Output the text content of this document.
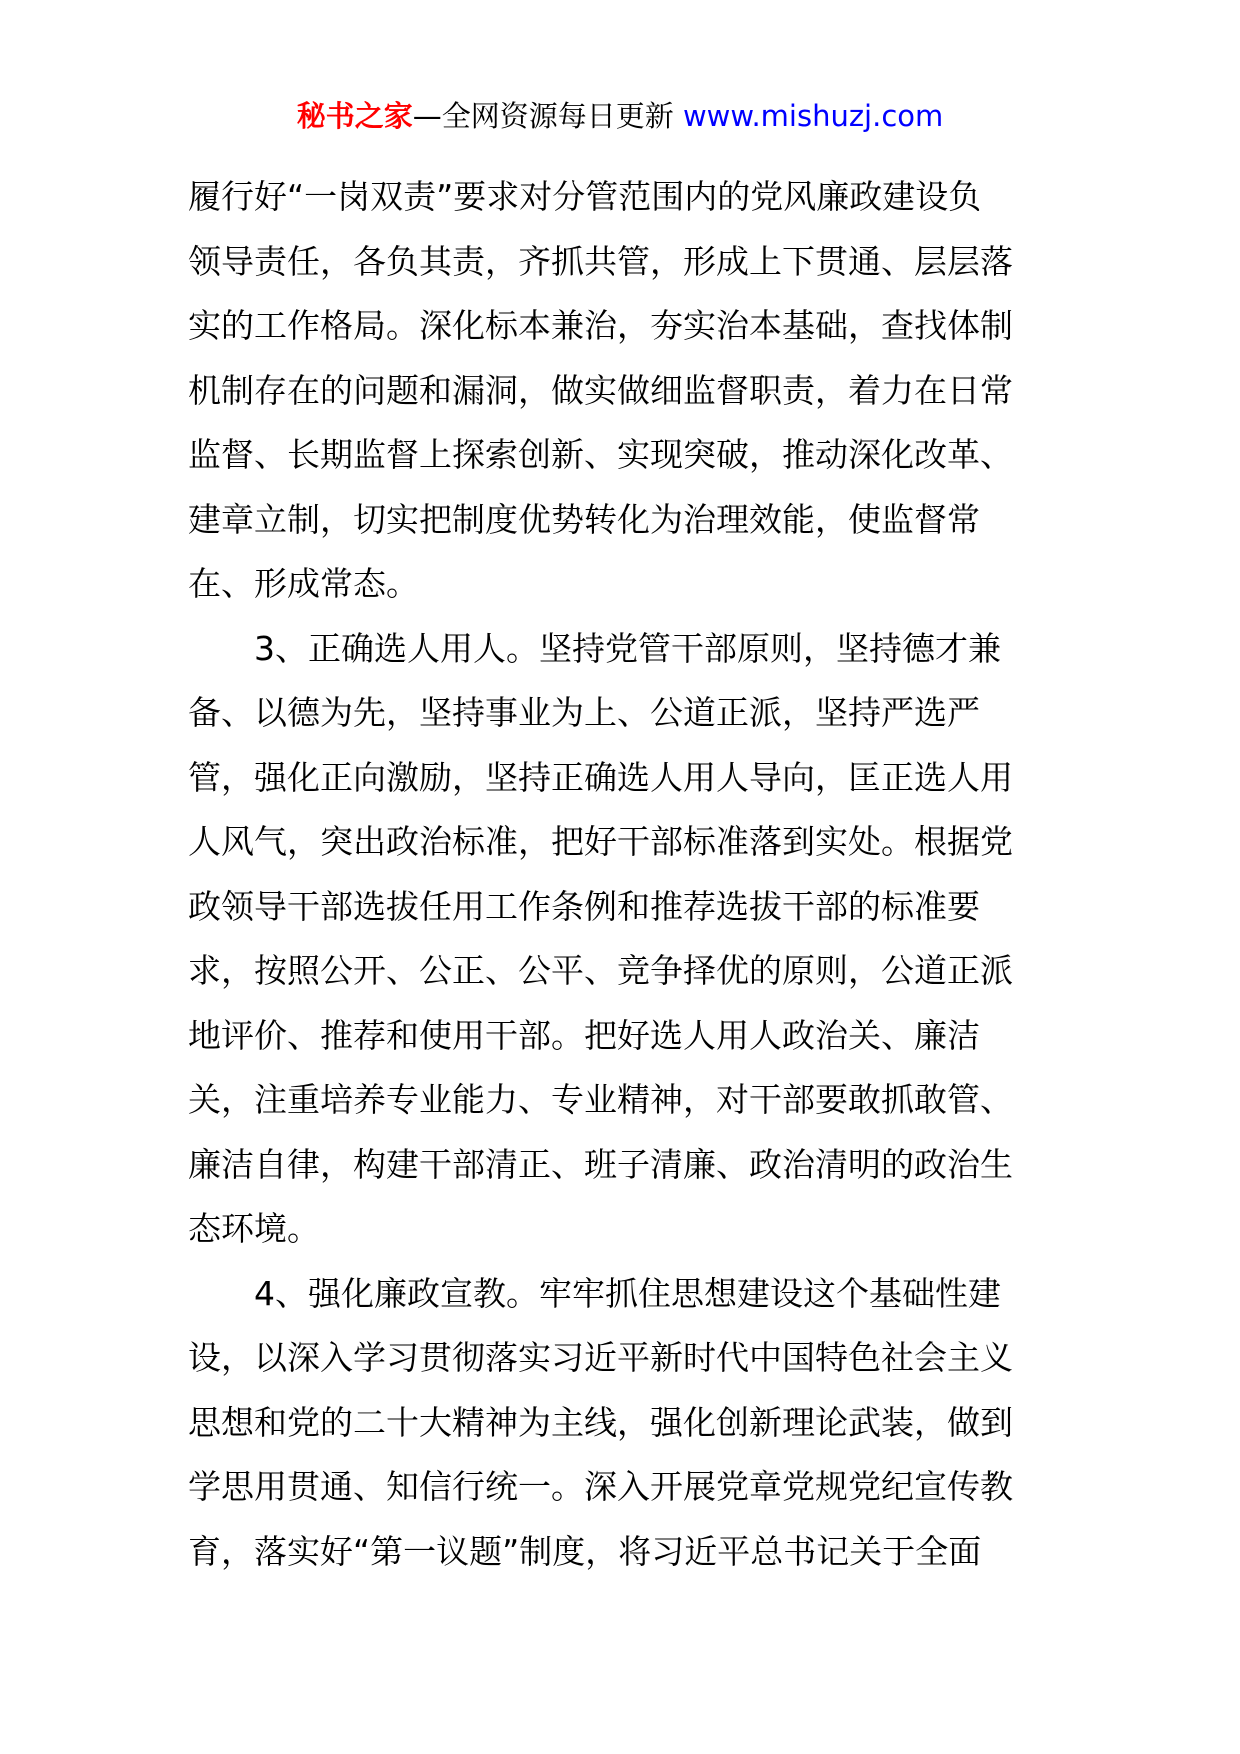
秘书之家—全网资源每日更新 www.mishuzj.com
履行好“一岗双责”要求对分管范围内的党风廉政建设负
领导责任，各负其责，齐抓共管，形成上下贯通、层层落
实的工作格局。深化标本兼治，夯实治本基础，查找体制
机制存在的问题和漏洞，做实做细监督职责，着力在日常
监督、长期监督上探索创新、实现突破，推动深化改革、
建章立制，切实把制度优势转化为治理效能，使监督常
在、形成常态。
3、正确选人用人。坚持党管干部原则，坚持德才兼
备、以德为先，坚持事业为上、公道正派，坚持严选严
管，强化正向激励，坚持正确选人用人导向，匡正选人用
人风气，突出政治标准，把好干部标准落到实处。根据党
政领导干部选拔任用工作条例和推荐选拔干部的标准要
求，按照公开、公正、公平、竞争择优的原则，公道正派
地评价、推荐和使用干部。把好选人用人政治关、廉洁
关，注重培养专业能力、专业精神，对干部要敢抓敢管、
廉洁自律，构建干部清正、班子清廉、政治清明的政治生
态环境。
4、强化廉政宣教。牢牢抓住思想建设这个基础性建
设，以深入学习贯彻落实习近平新时代中国特色社会主义
思想和党的二十大精神为主线，强化创新理论武装，做到
学思用贯通、知信行统一。深入开展党章党规党纪宣传教
育，落实好“第一议题”制度，将习近平总书记关于全面
